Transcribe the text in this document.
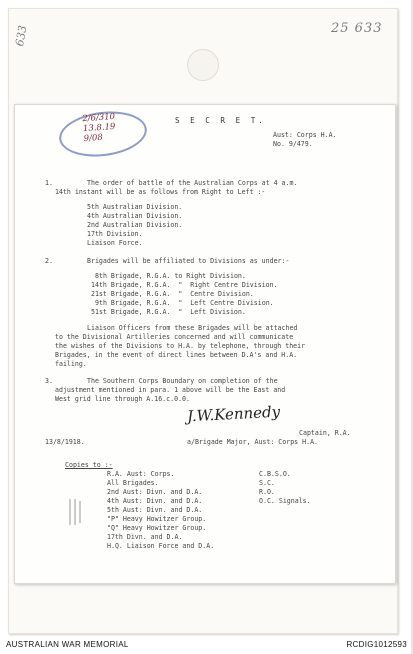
633	25 633
2/6/310
13.8.19
9/08
S E C R E T.
Aust: Corps H.A.
No. 9/479.
1.	The order of battle of the Australian Corps at 4 a.m.
14th instant will be as follows from Right to Left :-
5th Australian Division.
4th Australian Division.
2nd Australian Division.
17th Division.
Liaison Force.
2.	Brigades will be affiliated to Divisions as under:-
8th Brigade, R.G.A. to Right Division.
14th Brigade, R.G.A.  "  Right Centre Division.
21st Brigade, R.G.A.  "  Centre Division.
9th Brigade, R.G.A.  "  Left Centre Division.
51st Brigade, R.G.A.  "  Left Division.
Liaison Officers from these Brigades will be attached
to the Divisional Artilleries concerned and will communicate
the wishes of the Divisions to H.A. by telephone, through their
Brigades, in the event of direct lines between D.A's and H.A.
failing.
3.	The Southern Corps Boundary on completion of the
adjustment mentioned in para. 1 above will be the East and
West grid line through A.16.c.0.0.
J.W.Kennedy
Captain, R.A.
13/8/1918.	a/Brigade Major, Aust: Corps H.A.
Copies to :-
R.A. Aust: Corps.
All Brigades.
2nd Aust: Divn. and D.A.
4th Aust: Divn. and D.A.
5th Aust: Divn. and D.A.
"P" Heavy Howitzer Group.
"Q" Heavy Howitzer Group.
17th Divn. and D.A.
H.Q. Liaison Force and D.A.
C.B.S.O.
S.C.
R.O.
O.C. Signals.
AUSTRALIAN WAR MEMORIAL	RCDIG1012593
